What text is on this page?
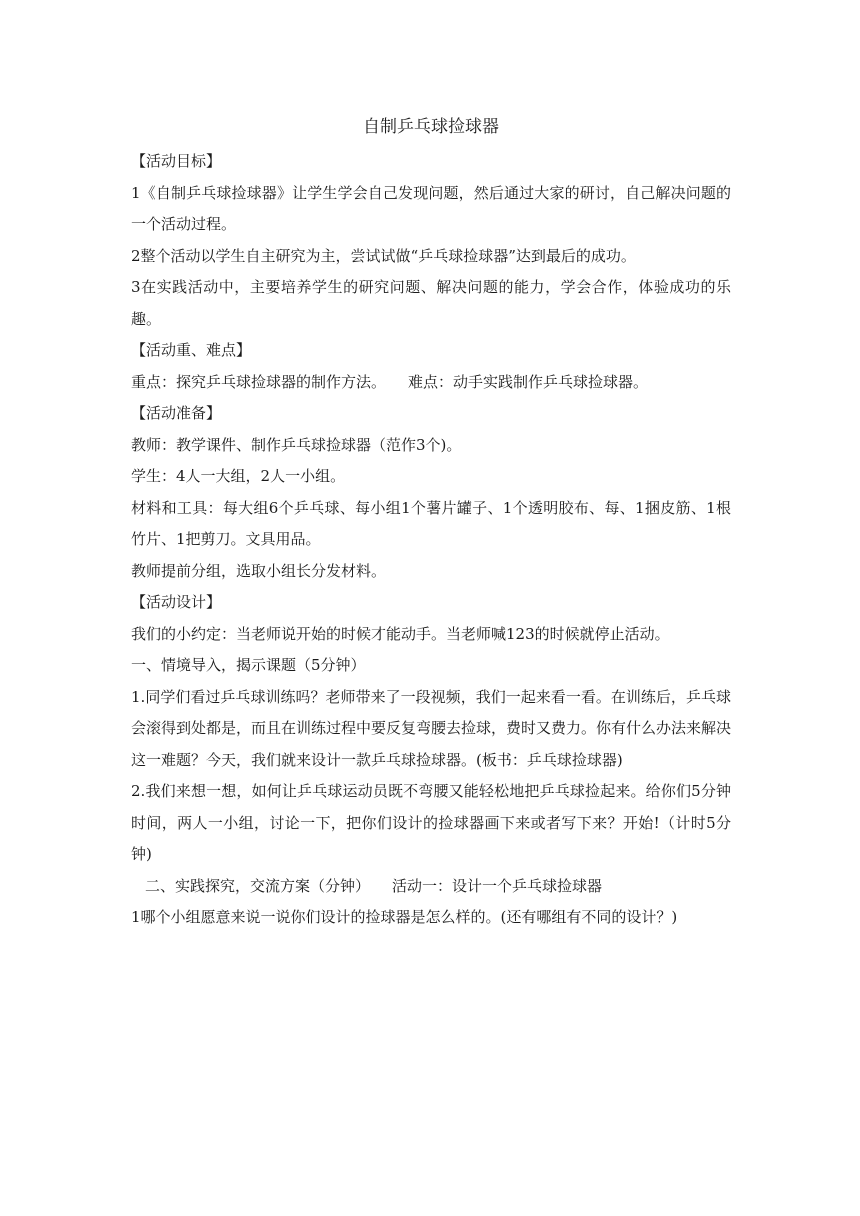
自制乒乓球捡球器

【活动目标】

1《自制乒乓球捡球器》让学生学会自己发现问题，然后通过大家的研讨，自己解决问题的一个活动过程。

2整个活动以学生自主研究为主，尝试试做“乒乓球捡球器”达到最后的成功。

3在实践活动中，主要培养学生的研究问题、解决问题的能力，学会合作，体验成功的乐趣。

【活动重、难点】

重点：探究乒乓球捡球器的制作方法。 难点：动手实践制作乒乓球捡球器。

【活动准备】

教师：教学课件、制作乒乓球捡球器（范作3个)。

学生：4人一大组，2人一小组。

材料和工具：每大组6个乒乓球、每小组1个薯片罐子、1个透明胶布、每、1捆皮筋、1根竹片、1把剪刀。文具用品。

教师提前分组，选取小组长分发材料。

【活动设计】

我们的小约定：当老师说开始的时候才能动手。当老师喊123的时候就停止活动。

一、情境导入，揭示课题（5分钟）

1.同学们看过乒乓球训练吗？老师带来了一段视频，我们一起来看一看。在训练后，乒乓球会滚得到处都是，而且在训练过程中要反复弯腰去捡球，费时又费力。你有什么办法来解决这一难题？今天，我们就来设计一款乒乓球捡球器。(板书：乒乓球捡球器)

2.我们来想一想，如何让乒乓球运动员既不弯腰又能轻松地把乒乓球捡起来。给你们5分钟时间，两人一小组，讨论一下，把你们设计的捡球器画下来或者写下来？开始!（计时5分钟)

二、实践探究，交流方案（分钟） 活动一：设计一个乒乓球捡球器

1哪个小组愿意来说一说你们设计的捡球器是怎么样的。(还有哪组有不同的设计？)
